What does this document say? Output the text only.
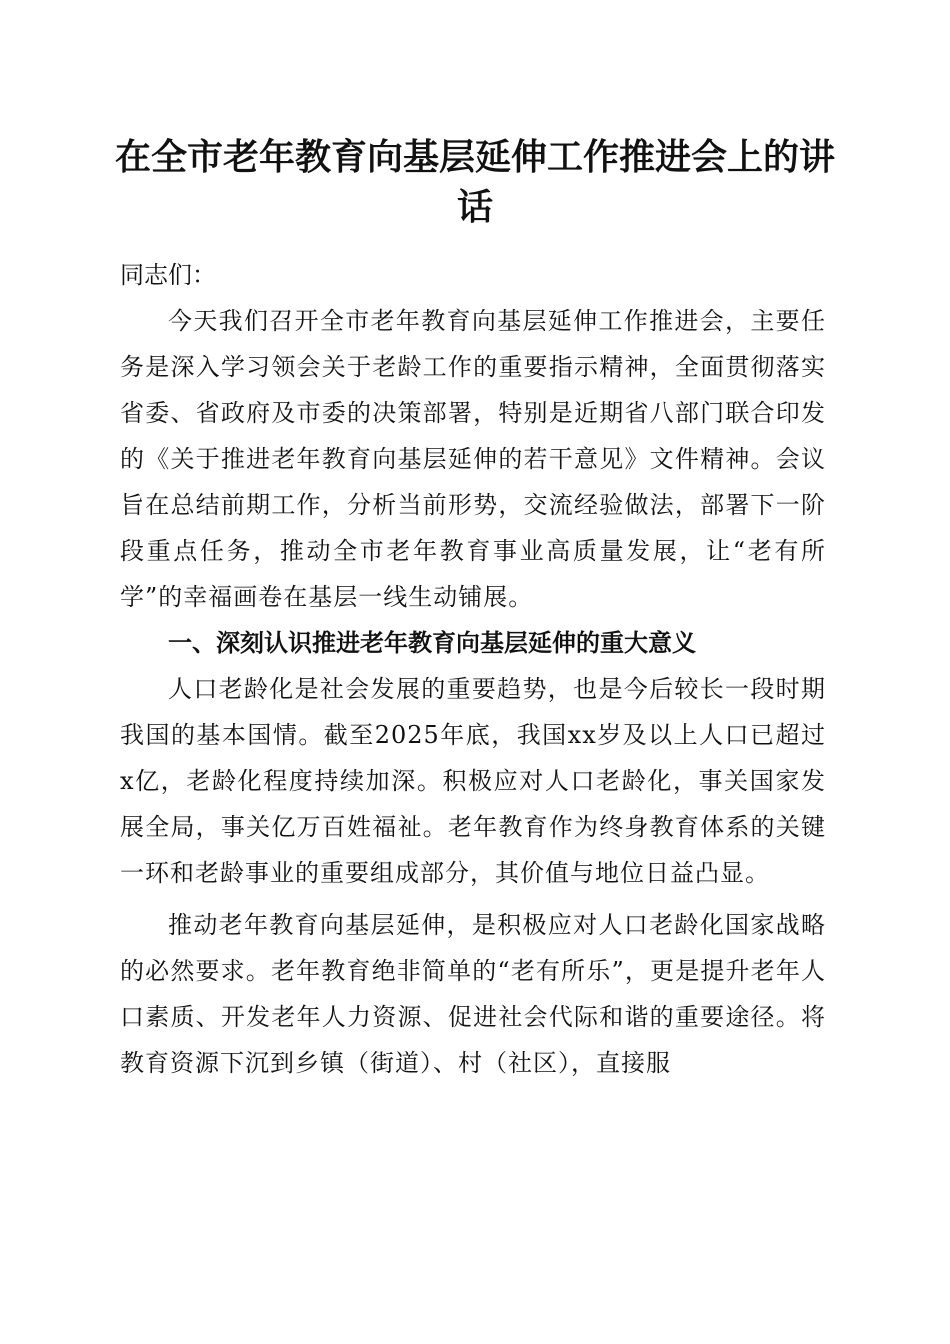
在全市老年教育向基层延伸工作推进会上的讲话

同志们：

今天我们召开全市老年教育向基层延伸工作推进会，主要任务是深入学习领会关于老龄工作的重要指示精神，全面贯彻落实省委、省政府及市委的决策部署，特别是近期省八部门联合印发的《关于推进老年教育向基层延伸的若干意见》文件精神。会议旨在总结前期工作，分析当前形势，交流经验做法，部署下一阶段重点任务，推动全市老年教育事业高质量发展，让“老有所学”的幸福画卷在基层一线生动铺展。

一、深刻认识推进老年教育向基层延伸的重大意义

人口老龄化是社会发展的重要趋势，也是今后较长一段时期我国的基本国情。截至2025年底，我国xx岁及以上人口已超过x亿，老龄化程度持续加深。积极应对人口老龄化，事关国家发展全局，事关亿万百姓福祉。老年教育作为终身教育体系的关键一环和老龄事业的重要组成部分，其价值与地位日益凸显。

推动老年教育向基层延伸，是积极应对人口老龄化国家战略的必然要求。老年教育绝非简单的“老有所乐”，更是提升老年人口素质、开发老年人力资源、促进社会代际和谐的重要途径。将教育资源下沉到乡镇（街道）、村（社区），直接服
